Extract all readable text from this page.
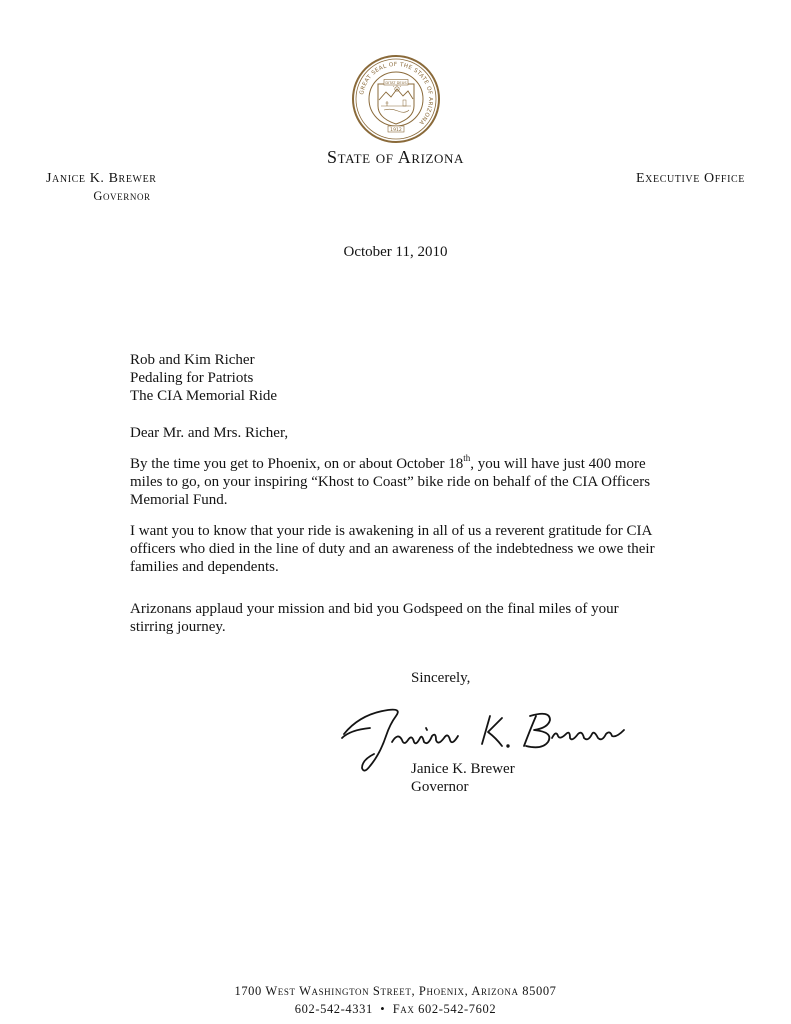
GREAT SEAL OF THE STATE OF ARIZONA
DITAT DEUS
1912
State of Arizona
Janice K. Brewer
Governor
Executive Office
October 11, 2010
Rob and Kim Richer
Pedaling for Patriots
The CIA Memorial Ride
Dear Mr. and Mrs. Richer,
By the time you get to Phoenix, on or about October 18th, you will have just 400 more
miles to go, on your inspiring “Khost to Coast” bike ride on behalf of the CIA Officers
Memorial Fund.
I want you to know that your ride is awakening in all of us a reverent gratitude for CIA
officers who died in the line of duty and an awareness of the indebtedness we owe their
families and dependents.
Arizonans applaud your mission and bid you Godspeed on the final miles of your
stirring journey.
Sincerely,
Janice K. Brewer
Governor
1700 West Washington Street, Phoenix, Arizona 85007
602-542-4331 • Fax 602-542-7602
